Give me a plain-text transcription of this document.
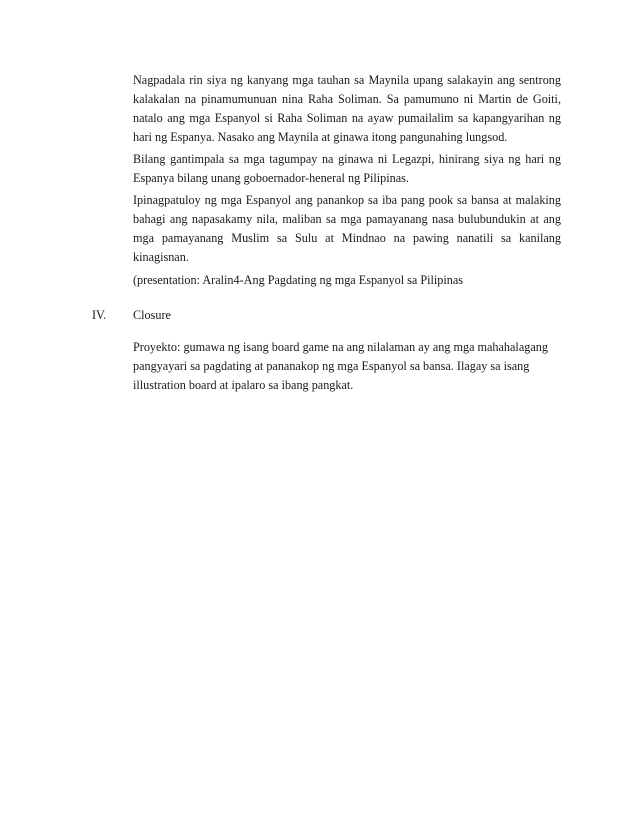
Nagpadala rin siya ng kanyang mga tauhan sa Maynila upang salakayin ang sentrong kalakalan na pinamumunuan nina Raha Soliman. Sa pamumuno ni Martin de Goiti, natalo ang mga Espanyol si Raha Soliman na ayaw pumailalim sa kapangyarihan ng hari ng Espanya. Nasako ang Maynila at ginawa itong pangunahing lungsod.

Bilang gantimpala sa mga tagumpay na ginawa ni Legazpi, hinirang siya ng hari ng Espanya bilang unang goboernador-heneral ng Pilipinas.

Ipinagpatuloy ng mga Espanyol ang panankop sa iba pang pook sa bansa at malaking bahagi ang napasakamy nila, maliban sa mga pamayanang nasa bulubundukin at ang mga pamayanang Muslim sa Sulu at Mindnao na pawing nanatili sa kanilang kinagisnan.

(presentation: Aralin4-Ang Pagdating ng mga Espanyol sa Pilipinas

IV. Closure

Proyekto: gumawa ng isang board game na ang nilalaman ay ang mga mahahalagang pangyayari sa pagdating at pananakop ng mga Espanyol sa bansa. Ilagay sa isang illustration board at ipalaro sa ibang pangkat.
